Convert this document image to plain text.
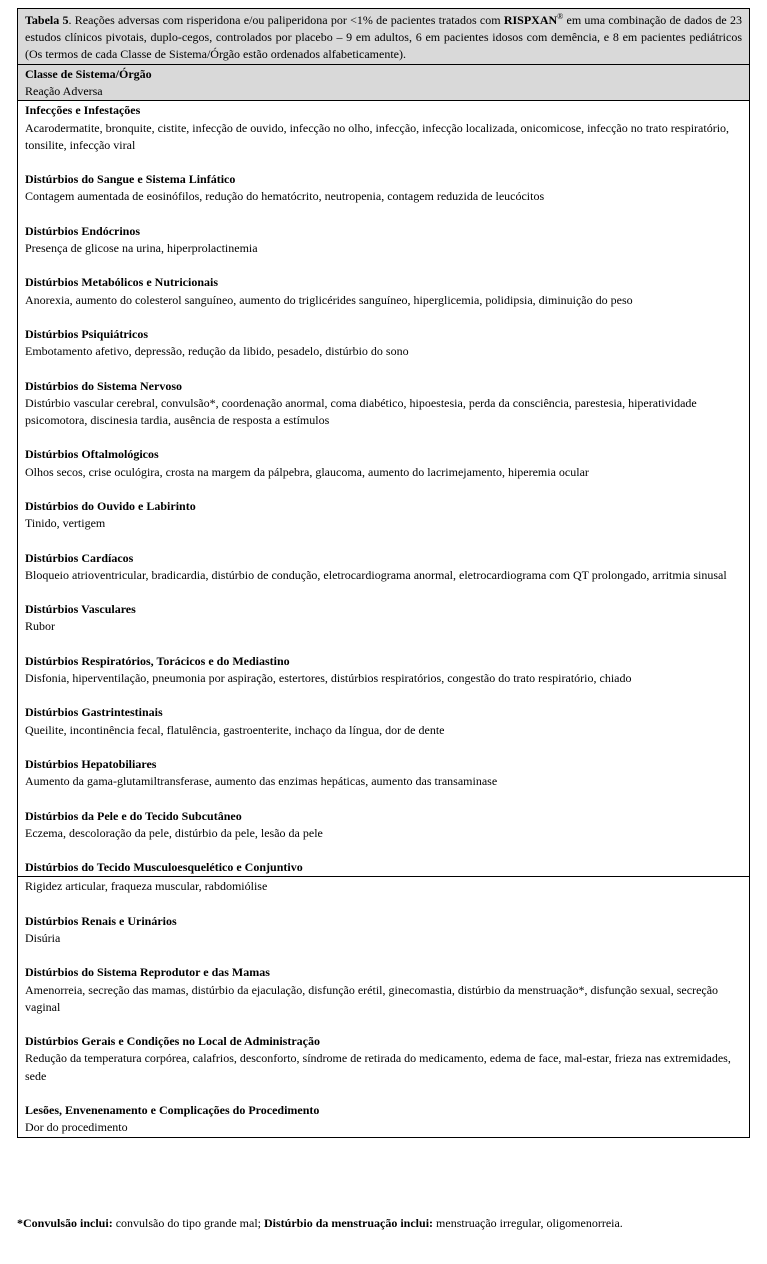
Tabela 5. Reações adversas com risperidona e/ou paliperidona por <1% de pacientes tratados com RISPXAN® em uma combinação de dados de 23 estudos clínicos pivotais, duplo-cegos, controlados por placebo – 9 em adultos, 6 em pacientes idosos com demência, e 8 em pacientes pediátricos (Os termos de cada Classe de Sistema/Órgão estão ordenados alfabeticamente).
Classe de Sistema/Órgão
Reação Adversa
Infecções e Infestações
Acarodermatite, bronquite, cistite, infecção de ouvido, infecção no olho, infecção, infecção localizada, onicomicose, infecção no trato respiratório, tonsilite, infecção viral
Distúrbios do Sangue e Sistema Linfático
Contagem aumentada de eosinófilos, redução do hematócrito, neutropenia, contagem reduzida de leucócitos
Distúrbios Endócrinos
Presença de glicose na urina, hiperprolactinemia
Distúrbios Metabólicos e Nutricionais
Anorexia, aumento do colesterol sanguíneo, aumento do triglicérides sanguíneo, hiperglicemia, polidipsia, diminuição do peso
Distúrbios Psiquiátricos
Embotamento afetivo, depressão, redução da libido, pesadelo, distúrbio do sono
Distúrbios do Sistema Nervoso
Distúrbio vascular cerebral, convulsão*, coordenação anormal, coma diabético, hipoestesia, perda da consciência, parestesia, hiperatividade psicomotora, discinesia tardia, ausência de resposta a estímulos
Distúrbios Oftalmológicos
Olhos secos, crise oculógira, crosta na margem da pálpebra, glaucoma, aumento do lacrimejamento, hiperemia ocular
Distúrbios do Ouvido e Labirinto
Tinido, vertigem
Distúrbios Cardíacos
Bloqueio atrioventricular, bradicardia, distúrbio de condução, eletrocardiograma anormal, eletrocardiograma com QT prolongado, arritmia sinusal
Distúrbios Vasculares
Rubor
Distúrbios Respiratórios, Torácicos e do Mediastino
Disfonia, hiperventilação, pneumonia por aspiração, estertores, distúrbios respiratórios, congestão do trato respiratório, chiado
Distúrbios Gastrintestinais
Queilite, incontinência fecal, flatulência, gastroenterite, inchaço da língua, dor de dente
Distúrbios Hepatobiliares
Aumento da gama-glutamiltransferase, aumento das enzimas hepáticas, aumento das transaminase
Distúrbios da Pele e do Tecido Subcutâneo
Eczema, descoloração da pele, distúrbio da pele, lesão da pele
Distúrbios do Tecido Musculoesquelético e Conjuntivo
Rigidez articular, fraqueza muscular, rabdomiólise
Distúrbios Renais e Urinários
Disúria
Distúrbios do Sistema Reprodutor e das Mamas
Amenorreia, secreção das mamas, distúrbio da ejaculação, disfunção erétil, ginecomastia, distúrbio da menstruação*, disfunção sexual, secreção vaginal
Distúrbios Gerais e Condições no Local de Administração
Redução da temperatura corpórea, calafrios, desconforto, síndrome de retirada do medicamento, edema de face, mal-estar, frieza nas extremidades, sede
Lesões, Envenenamento e Complicações do Procedimento
Dor do procedimento
*Convulsão inclui: convulsão do tipo grande mal; Distúrbio da menstruação inclui: menstruação irregular, oligomenorreia.
